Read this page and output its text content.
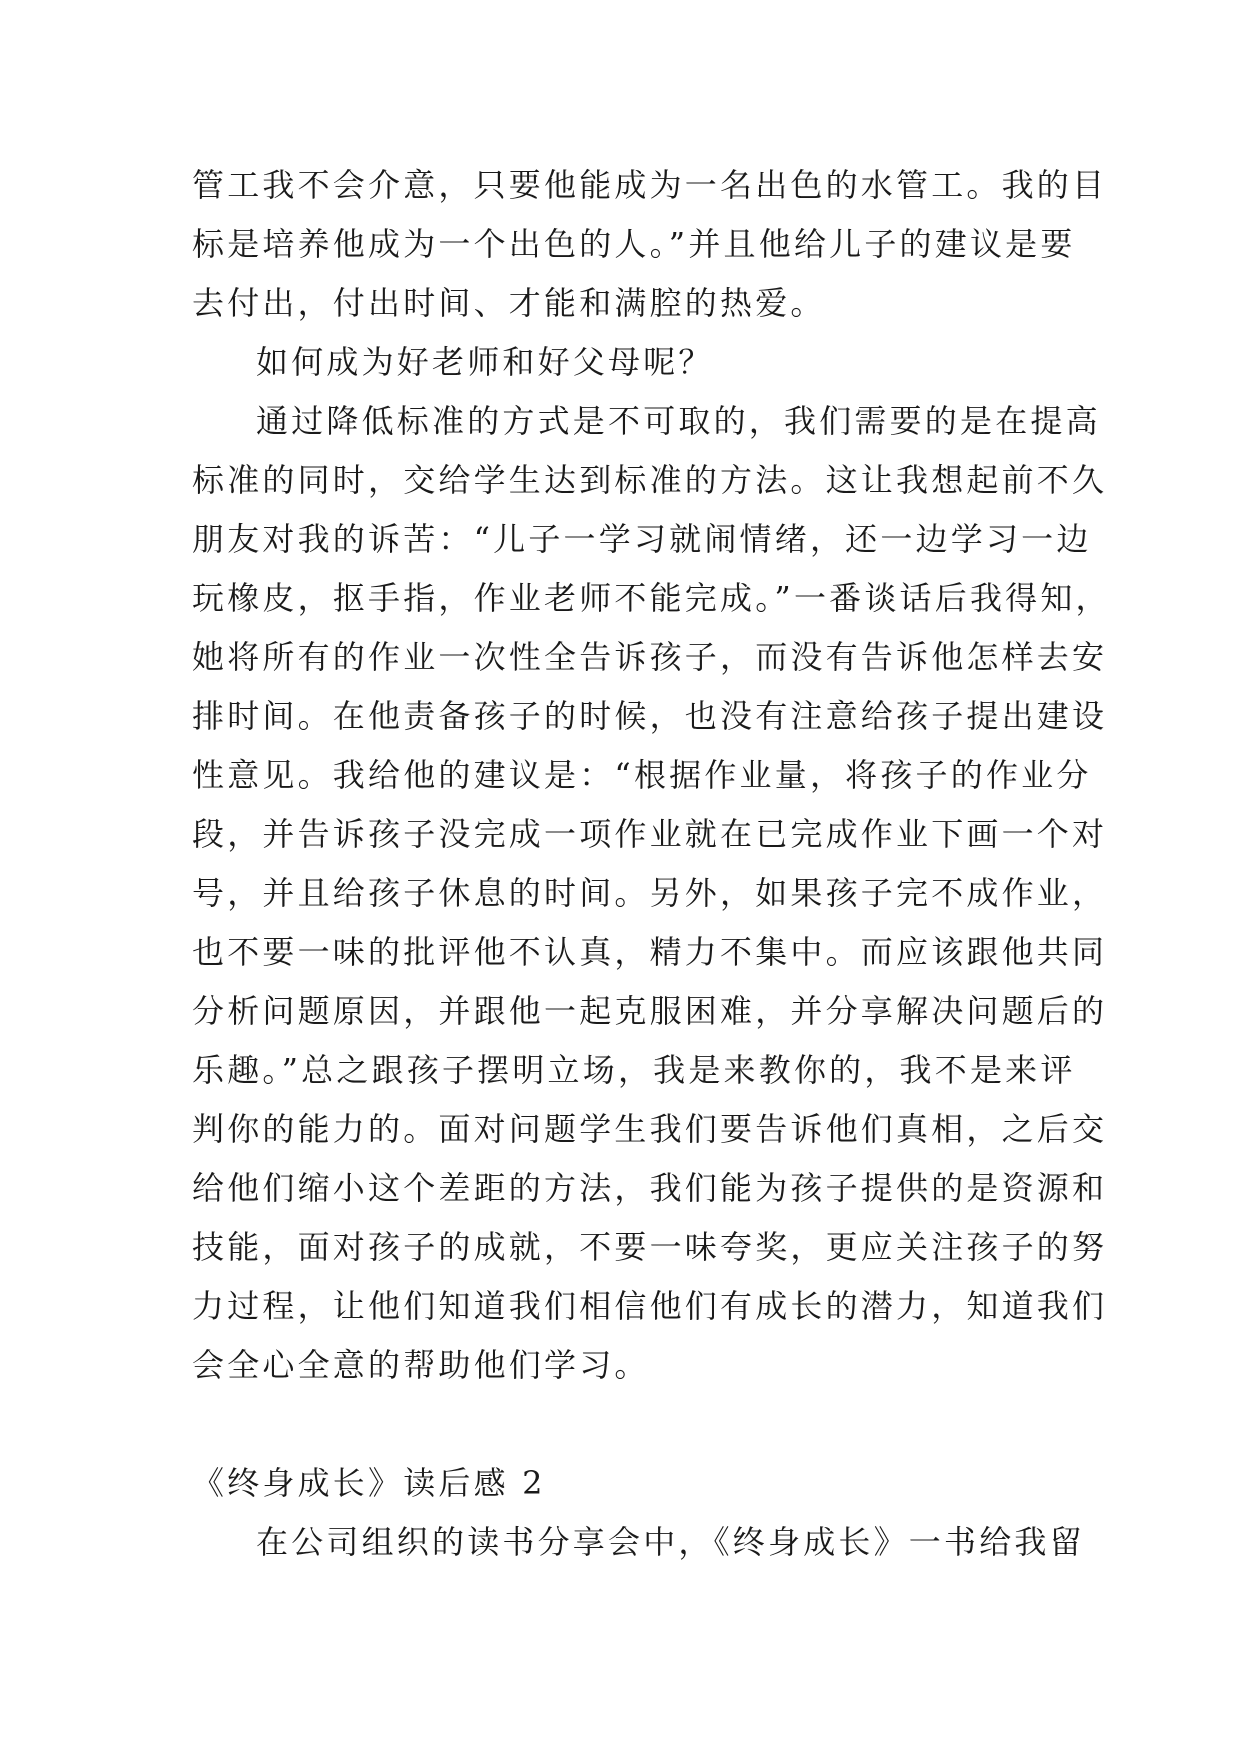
管工我不会介意，只要他能成为一名出色的水管工。我的目
标是培养他成为一个出色的人。”并且他给儿子的建议是要
去付出，付出时间、才能和满腔的热爱。
如何成为好老师和好父母呢？
通过降低标准的方式是不可取的，我们需要的是在提高
标准的同时，交给学生达到标准的方法。这让我想起前不久
朋友对我的诉苦：“儿子一学习就闹情绪，还一边学习一边
玩橡皮，抠手指，作业老师不能完成。”一番谈话后我得知，
她将所有的作业一次性全告诉孩子，而没有告诉他怎样去安
排时间。在他责备孩子的时候，也没有注意给孩子提出建设
性意见。我给他的建议是：“根据作业量，将孩子的作业分
段，并告诉孩子没完成一项作业就在已完成作业下画一个对
号，并且给孩子休息的时间。另外，如果孩子完不成作业，
也不要一味的批评他不认真，精力不集中。而应该跟他共同
分析问题原因，并跟他一起克服困难，并分享解决问题后的
乐趣。”总之跟孩子摆明立场，我是来教你的，我不是来评
判你的能力的。面对问题学生我们要告诉他们真相，之后交
给他们缩小这个差距的方法，我们能为孩子提供的是资源和
技能，面对孩子的成就，不要一味夸奖，更应关注孩子的努
力过程，让他们知道我们相信他们有成长的潜力，知道我们
会全心全意的帮助他们学习。
《终身成长》读后感 2
在公司组织的读书分享会中，《终身成长》一书给我留
